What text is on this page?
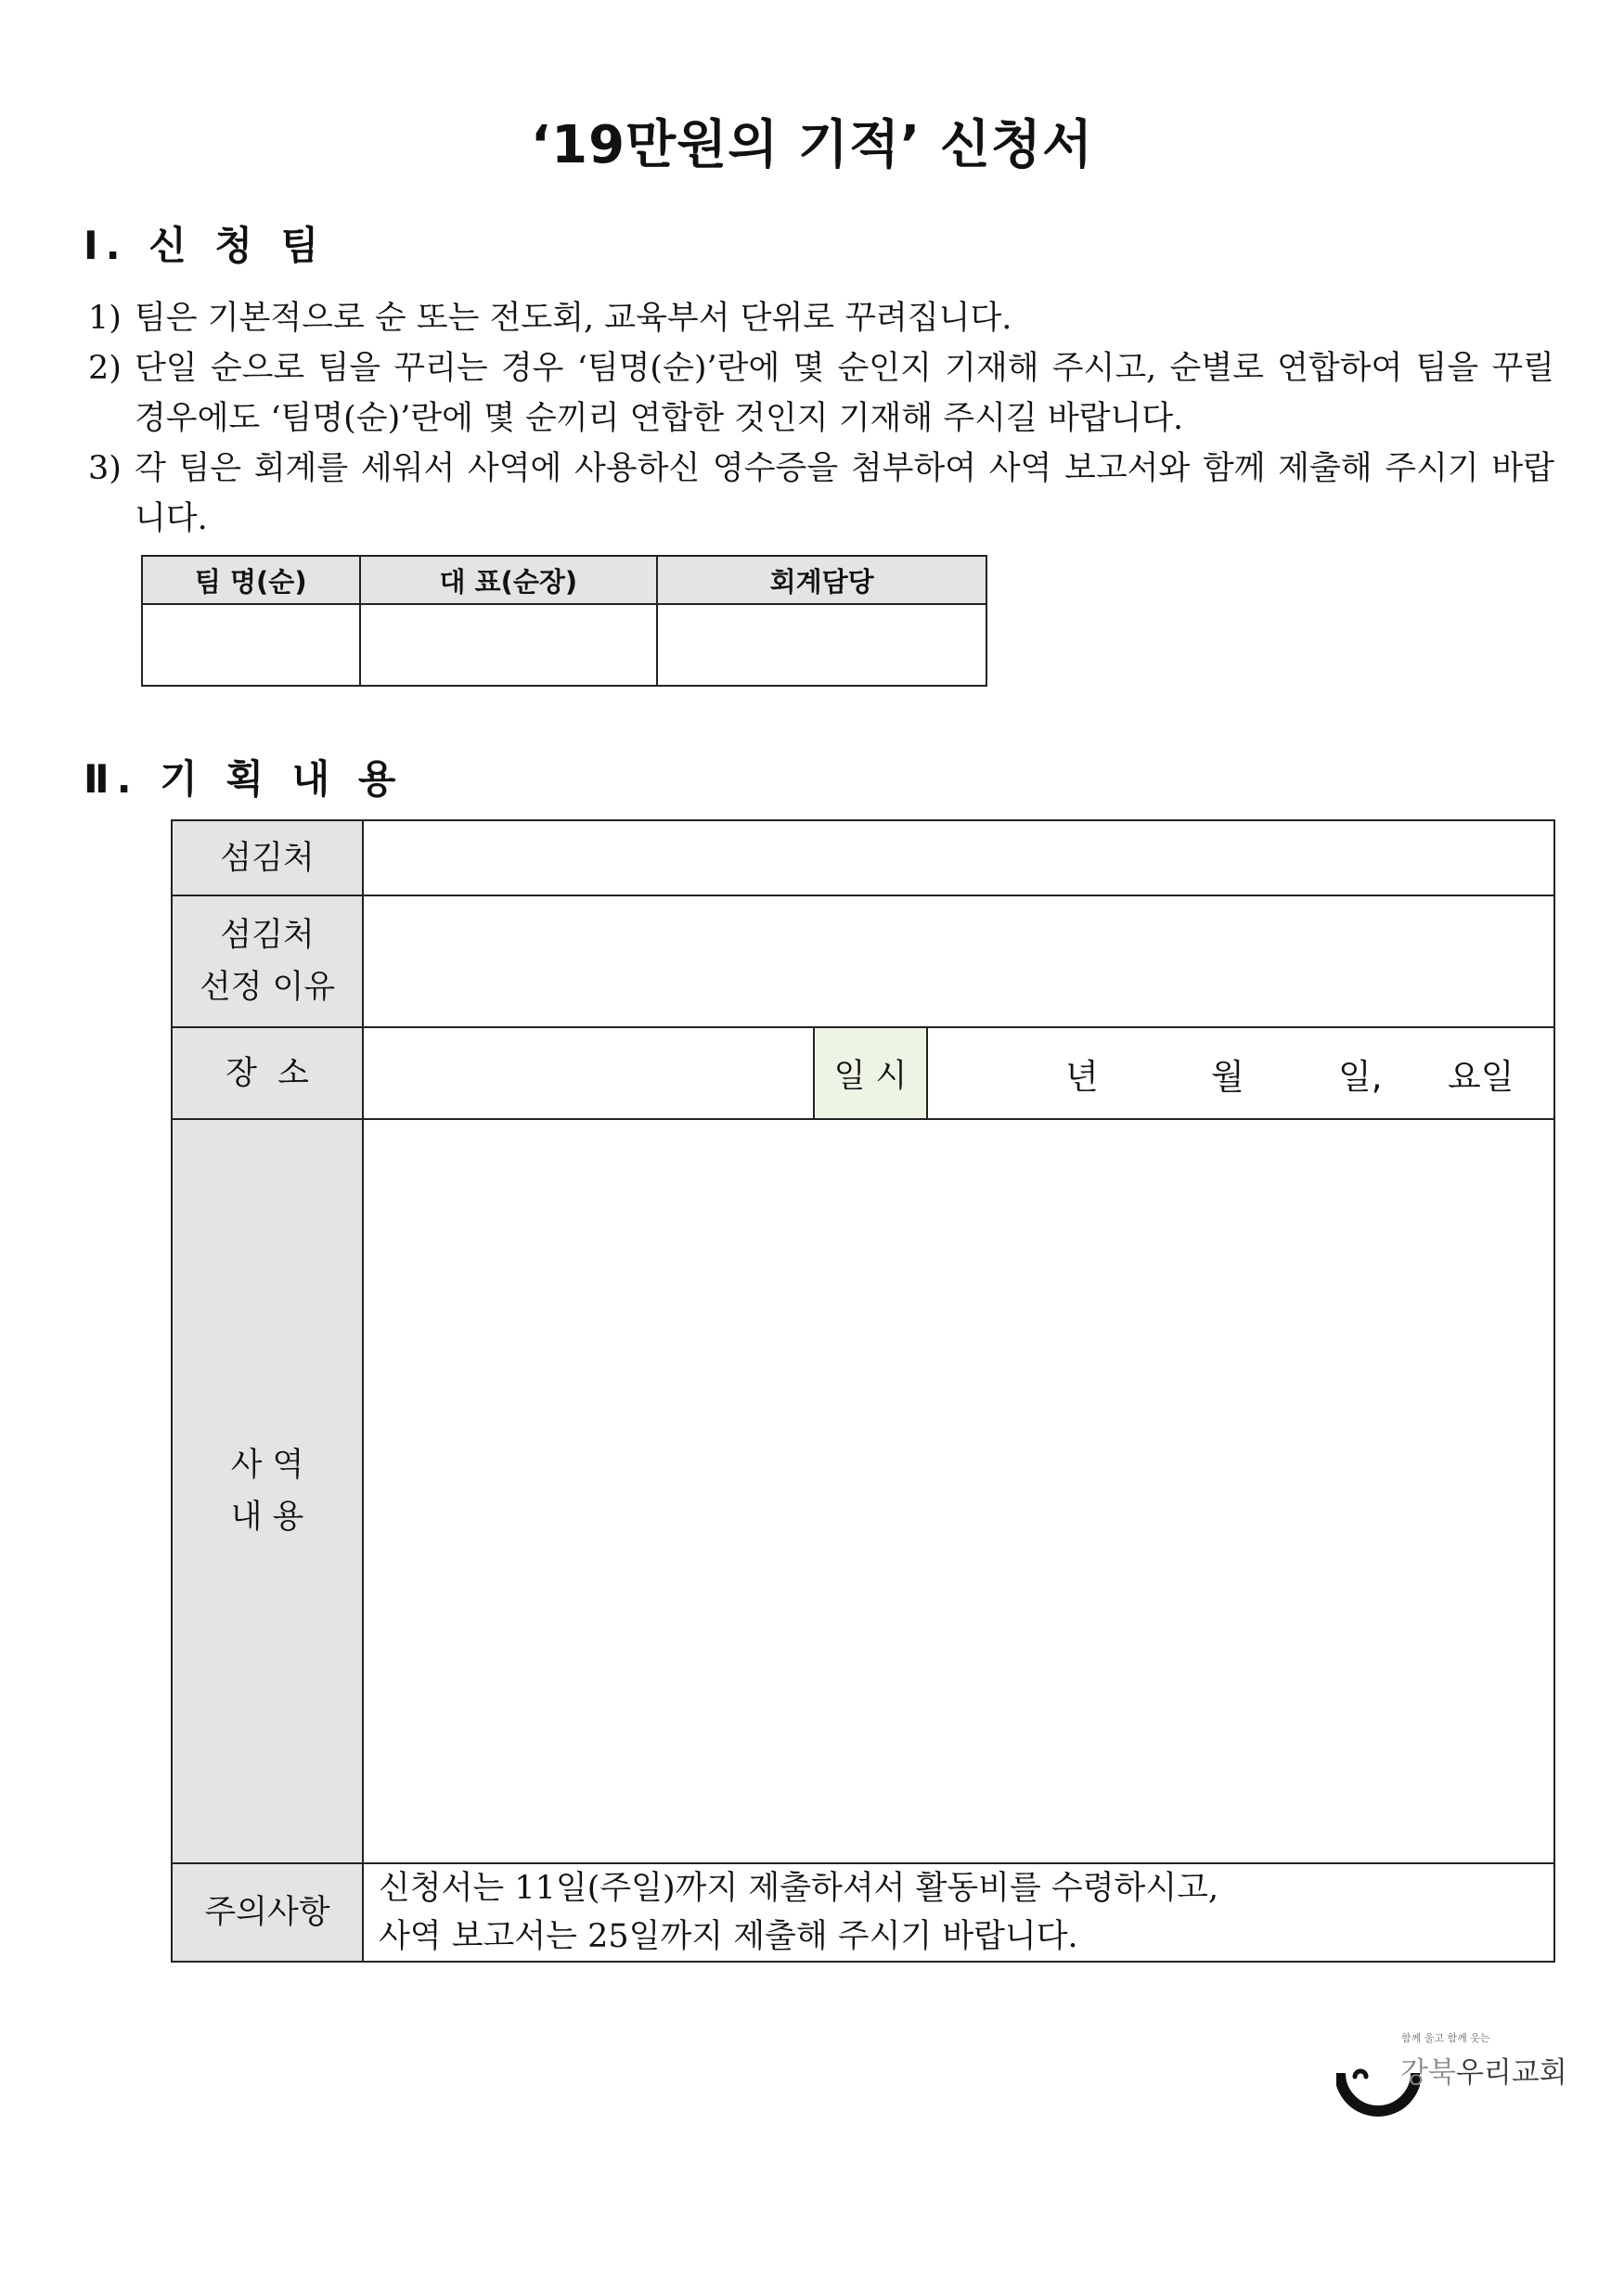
‘19만원의 기적’ 신청서
Ⅰ. 신 청 팀
1) 팀은 기본적으로 순 또는 전도회, 교육부서 단위로 꾸려집니다.
2) 단일 순으로 팀을 꾸리는 경우 ‘팀명(순)’란에 몇 순인지 기재해 주시고, 순별로 연합하여 팀을 꾸릴 경우에도 ‘팀명(순)’란에 몇 순끼리 연합한 것인지 기재해 주시길 바랍니다.
3) 각 팀은 회계를 세워서 사역에 사용하신 영수증을 첨부하여 사역 보고서와 함께 제출해 주시기 바랍니다.
팀 명(순)	대 표(순장)	회계담당

Ⅱ. 기 획 내 용
섬김처			

섬김처
선정 이유			

장  소		일 시	년 월 일, 요일

사 역
내 용			

주의사항	신청서는 11일(주일)까지 제출하셔서 활동비를 수령하시고,
사역 보고서는 25일까지 제출해 주시기 바랍니다.		
함께 울고 함께 웃는
강북우리교회
